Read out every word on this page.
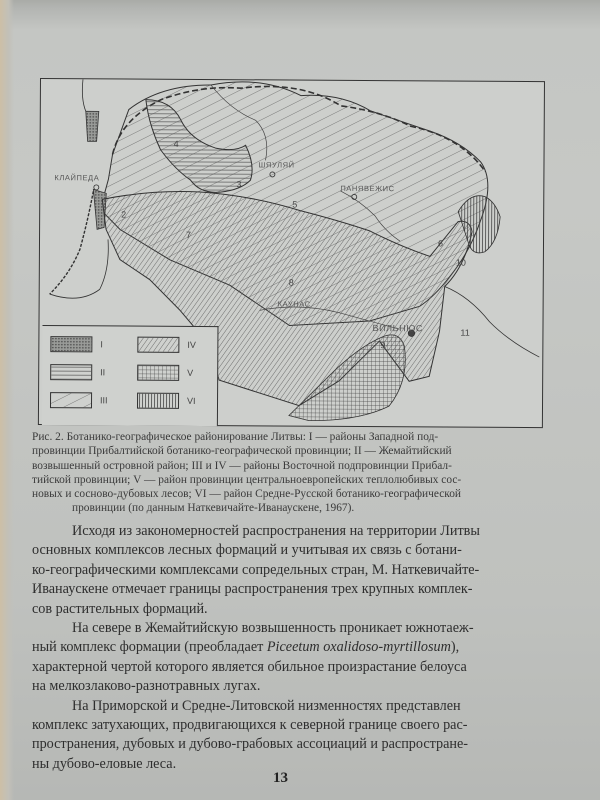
КЛАЙПЕДА
ШЯУЛЯЙ
ПАНЯВЕЖИС
КАУНАС
ВИЛЬНЮС
4
3
2
7
5
6
10
8
9
11
I
II
III
IV
V
VI
Рис. 2. Ботанико-географическое районирование Литвы: I — районы Западной под-
провинции Прибалтийской ботанико-географической провинции; II — Жемайтийский
возвышенный островной район; III и IV — районы Восточной подпровинции Прибал-
тийской провинции; V — район провинции центральноевропейских теплолюбивых сос-
новых и сосново-дубовых лесов; VI — район Средне-Русской ботанико-географической
провинции (по данным Наткевичайте-Иванаускене, 1967).
Исходя из закономерностей распространения на территории Литвы
основных комплексов лесных формаций и учитывая их связь с ботани-
ко-географическими комплексами сопредельных стран, М. Наткевичайте-
Иванаускене отмечает границы распространения трех крупных комплек-
сов растительных формаций.
На севере в Жемайтийскую возвышенность проникает южнотаеж-
ный комплекс формации (преобладает Piceetum oxalidoso-myrtillosum),
характерной чертой которого является обильное произрастание белоуса
на мелкозлаково-разнотравных лугах.
На Приморской и Средне-Литовской низменностях представлен
комплекс затухающих, продвигающихся к северной границе своего рас-
пространения, дубовых и дубово-грабовых ассоциаций и распростране-
ны дубово-еловые леса.
13
